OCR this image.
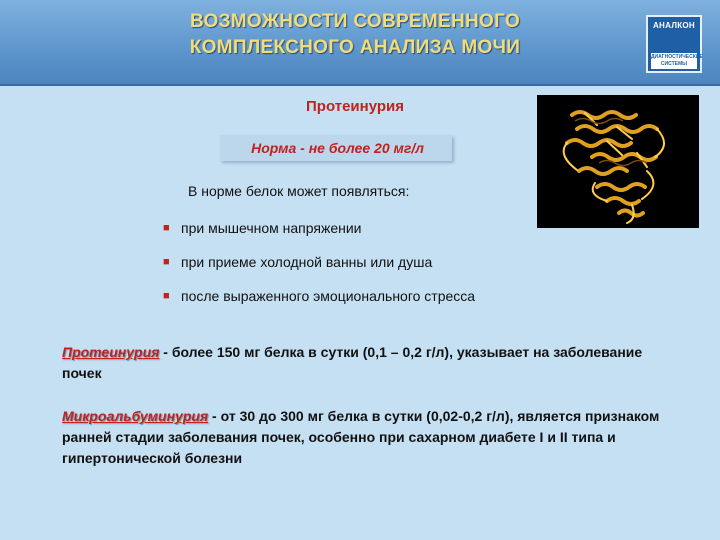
ВОЗМОЖНОСТИ СОВРЕМЕННОГО
КОМПЛЕКСНОГО АНАЛИЗА МОЧИ
АНАЛКОН
ДИАГНОСТИЧЕСКИЕ СИСТЕМЫ
Протеинурия
Норма - не более 20 мг/л
В норме белок может появляться:
■ при мышечном напряжении
■ при приеме холодной ванны или душа
■ после выраженного эмоционального стресса
Протеинурия - более 150 мг белка в сутки (0,1 – 0,2 г/л), указывает на заболевание почек
Микроальбуминурия - от 30 до 300 мг белка в сутки (0,02-0,2 г/л), является признаком ранней стадии заболевания почек, особенно при сахарном диабете I и II типа и гипертонической болезни
